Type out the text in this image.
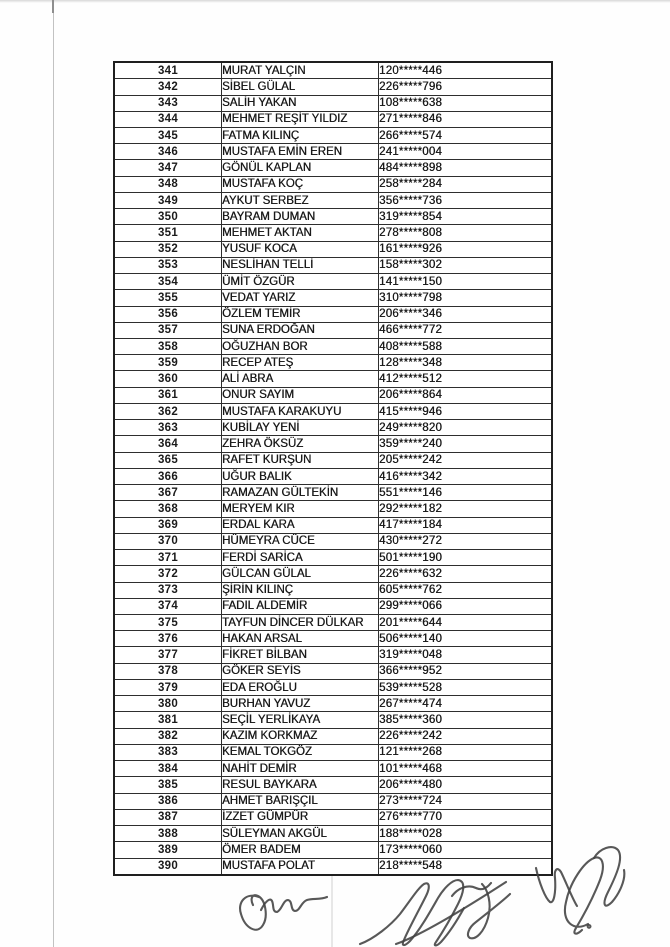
341	MURAT YALÇIN	120*****446
342	SİBEL GÜLAL	226*****796
343	SALİH YAKAN	108*****638
344	MEHMET REŞİT YILDIZ	271*****846
345	FATMA KILINÇ	266*****574
346	MUSTAFA EMİN EREN	241*****004
347	GÖNÜL KAPLAN	484*****898
348	MUSTAFA KOÇ	258*****284
349	AYKUT SERBEZ	356*****736
350	BAYRAM DUMAN	319*****854
351	MEHMET AKTAN	278*****808
352	YUSUF KOCA	161*****926
353	NESLİHAN TELLİ	158*****302
354	ÜMİT ÖZGÜR	141*****150
355	VEDAT YARIZ	310*****798
356	ÖZLEM TEMİR	206*****346
357	SUNA ERDOĞAN	466*****772
358	OĞUZHAN BOR	408*****588
359	RECEP ATEŞ	128*****348
360	ALİ ABRA	412*****512
361	ONUR SAYIM	206*****864
362	MUSTAFA KARAKUYU	415*****946
363	KUBİLAY YENİ	249*****820
364	ZEHRA ÖKSÜZ	359*****240
365	RAFET KURŞUN	205*****242
366	UĞUR BALIK	416*****342
367	RAMAZAN GÜLTEKİN	551*****146
368	MERYEM KIR	292*****182
369	ERDAL KARA	417*****184
370	HÜMEYRA CÜCE	430*****272
371	FERDİ SARİCA	501*****190
372	GÜLCAN GÜLAL	226*****632
373	ŞİRİN KILINÇ	605*****762
374	FADIL ALDEMİR	299*****066
375	TAYFUN DİNCER DÜLKAR	201*****644
376	HAKAN ARSAL	506*****140
377	FİKRET BİLBAN	319*****048
378	GÖKER SEYİS	366*****952
379	EDA EROĞLU	539*****528
380	BURHAN YAVUZ	267*****474
381	SEÇİL YERLİKAYA	385*****360
382	KAZIM KORKMAZ	226*****242
383	KEMAL TOKGÖZ	121*****268
384	NAHİT DEMİR	101*****468
385	RESUL BAYKARA	206*****480
386	AHMET BARIŞÇIL	273*****724
387	İZZET GÜMPÜR	276*****770
388	SÜLEYMAN AKGÜL	188*****028
389	ÖMER BADEM	173*****060
390	MUSTAFA POLAT	218*****548
